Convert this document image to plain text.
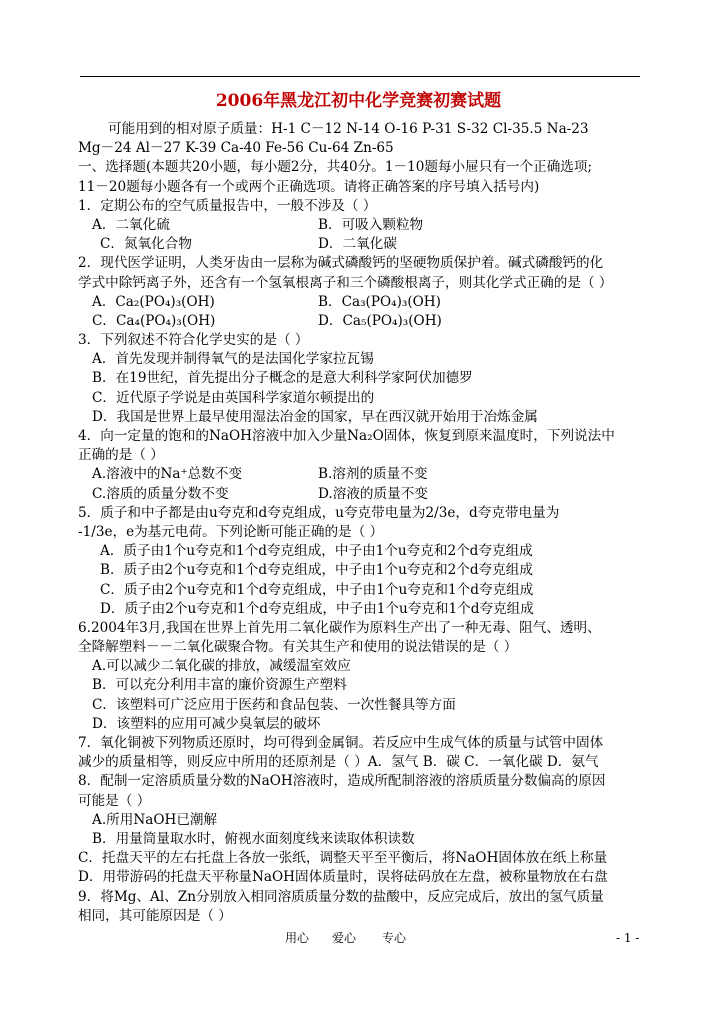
2006年黑龙江初中化学竞赛初赛试题
可能用到的相对原子质量：H-1 C－12 N-14 O-16 P-31 S-32 Cl-35.5 Na-23
Mg－24 Al－27 K-39 Ca-40 Fe-56 Cu-64 Zn-65
一、选择题(本题共20小题，每小题2分，共40分。1－10题每小屉只有一个正确选项;
11－20题每小题各有一个或两个正确选项。请将正确答案的序号填入括号内)
1．定期公布的空气质量报告中，一般不涉及（ ）
A．二氧化硫	B．可吸入颗粒物
C．氮氧化合物	D．二氧化碳
2．现代医学证明，人类牙齿由一层称为碱式磷酸钙的坚硬物质保护着。碱式磷酸钙的化
学式中除钙离子外，还含有一个氢氧根离子和三个磷酸根离子，则其化学式正确的是（ ）
A．Ca₂(PO₄)₃(OH)	B．Ca₃(PO₄)₃(OH)
C．Ca₄(PO₄)₃(OH)	D．Ca₅(PO₄)₃(OH)
3．下列叙述不符合化学史实的是（ ）
A．首先发现并制得氧气的是法国化学家拉瓦锡
B．在19世纪，首先提出分子概念的是意大利科学家阿伏加德罗
C．近代原子学说是由英国科学家道尔顿提出的
D．我国是世界上最早使用湿法冶金的国家，早在西汉就开始用于冶炼金属
4．向一定量的饱和的NaOH溶液中加入少量Na₂O固体，恢复到原来温度时，下列说法中
正确的是（ ）
A.溶液中的Na⁺总数不变	B.溶剂的质量不变
C.溶质的质量分数不变	D.溶液的质量不变
5．质子和中子都是由u夸克和d夸克组成，u夸克带电量为2/3e，d夸克带电量为
-1/3e，e为基元电荷。下列论断可能正确的是（ ）
A．质子由1个u夸克和1个d夸克组成，中子由1个u夸克和2个d夸克组成
B．质子由2个u夸克和1个d夸克组成，中子由1个u夸克和2个d夸克组成
C．质子由2个u夸克和1个d夸克组成，中子由1个u夸克和1个d夸克组成
D．质子由2个u夸克和1个d夸克组成，中子由1个u夸克和1个d夸克组成
6.2004年3月,我国在世界上首先用二氧化碳作为原料生产出了一种无毒、阻气、透明、
全降解塑料－－二氧化碳聚合物。有关其生产和使用的说法错误的是（ ）
A.可以减少二氧化碳的排放，减缓温室效应
B．可以充分利用丰富的廉价资源生产塑料
C．该塑料可广泛应用于医药和食品包装、一次性餐具等方面
D．该塑料的应用可减少臭氧层的破坏
7．氧化铜被下列物质还原时，均可得到金属铜。若反应中生成气体的质量与试管中固体
减少的质量相等，则反应中所用的还原剂是（ ）A．氢气 B．碳 C．一氧化碳 D．氨气
8．配制一定溶质质量分数的NaOH溶液时，造成所配制溶液的溶质质量分数偏高的原因
可能是（ ）
A.所用NaOH已潮解
B．用量筒量取水时，俯视水面刻度线来读取体积读数
C．托盘天平的左右托盘上各放一张纸，调整天平至平衡后，将NaOH固体放在纸上称量
D．用带游码的托盘天平称量NaOH固体质量时，误将砝码放在左盘，被称量物放在右盘
9．将Mg、Al、Zn分别放入相同溶质质量分数的盐酸中，反应完成后，放出的氢气质量
相同，其可能原因是（ ）
用心 爱心 专心	- 1 -
